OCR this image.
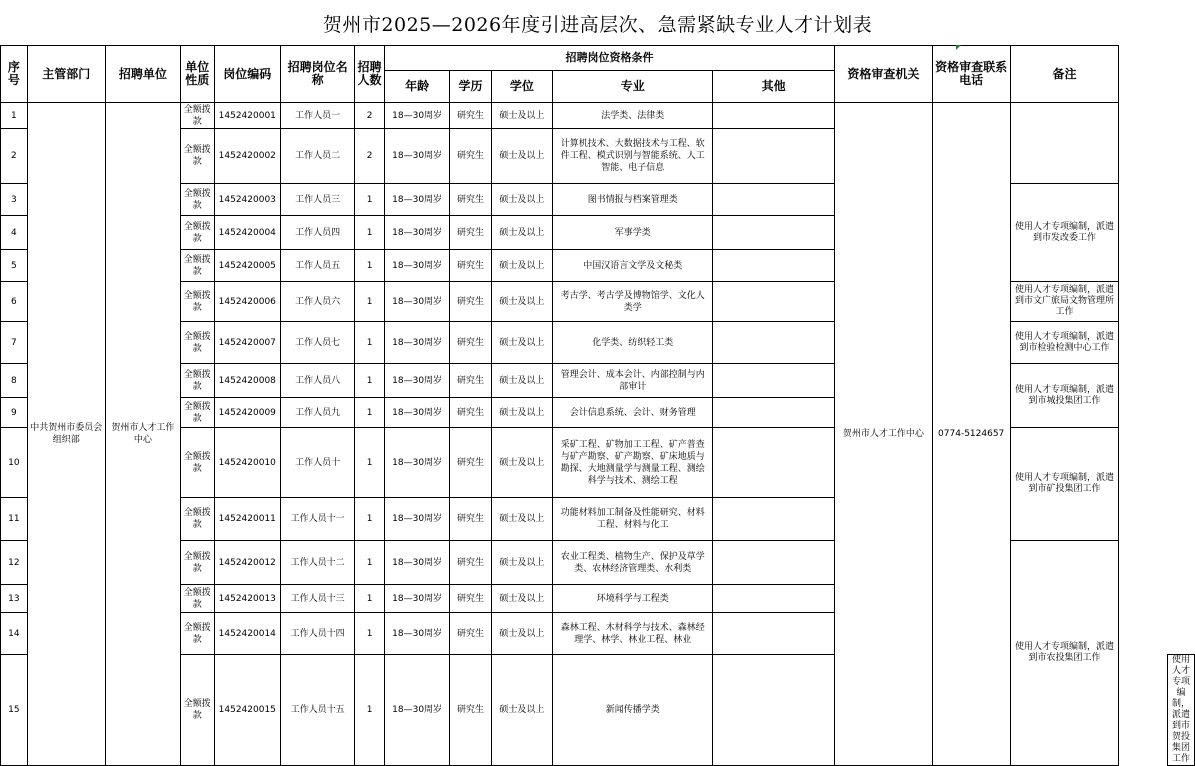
贺州市2025—2026年度引进高层次、急需紧缺专业人才计划表
序号	主管部门	招聘单位	单位性质	岗位编码	招聘岗位名称	招聘人数	招聘岗位资格条件					资格审查机关	资格审查联系电话	备注		
							年龄	学历	学位	专业	其他					
1	中共贺州市委员会组织部	贺州市人才工作中心	全额拨款	1452420001	工作人员一	2	18—30周岁	研究生	硕士及以上	法学类、法律类		贺州市人才工作中心	0774-5124657			
2			全额拨款	1452420002	工作人员二	2	18—30周岁	研究生	硕士及以上	计算机技术、大数据技术与工程、软件工程、模式识别与智能系统、人工智能、电子信息						
3			全额拨款	1452420003	工作人员三	1	18—30周岁	研究生	硕士及以上	图书情报与档案管理类				使用人才专项编制，派遣到市发改委工作		
4			全额拨款	1452420004	工作人员四	1	18—30周岁	研究生	硕士及以上	军事学类						
5			全额拨款	1452420005	工作人员五	1	18—30周岁	研究生	硕士及以上	中国汉语言文学及文秘类						
6			全额拨款	1452420006	工作人员六	1	18—30周岁	研究生	硕士及以上	考古学、考古学及博物馆学、文化人类学				使用人才专项编制，派遣到市文广旅局文物管理所工作		
7			全额拨款	1452420007	工作人员七	1	18—30周岁	研究生	硕士及以上	化学类、纺织轻工类				使用人才专项编制，派遣到市检验检测中心工作		
8			全额拨款	1452420008	工作人员八	1	18—30周岁	研究生	硕士及以上	管理会计、成本会计、内部控制与内部审计				使用人才专项编制，派遣到市城投集团工作		
9			全额拨款	1452420009	工作人员九	1	18—30周岁	研究生	硕士及以上	会计信息系统、会计、财务管理						
10			全额拨款	1452420010	工作人员十	1	18—30周岁	研究生	硕士及以上	采矿工程、矿物加工工程、矿产普查与矿产勘察、矿产勘察、矿床地质与勘探、大地测量学与测量工程、测绘科学与技术、测绘工程				使用人才专项编制，派遣到市矿投集团工作		
11			全额拨款	1452420011	工作人员十一	1	18—30周岁	研究生	硕士及以上	功能材料加工制备及性能研究、材料工程、材料与化工						
12			全额拨款	1452420012	工作人员十二	1	18—30周岁	研究生	硕士及以上	农业工程类、植物生产、保护及草学类、农林经济管理类、水利类				使用人才专项编制，派遣到市农投集团工作		
13			全额拨款	1452420013	工作人员十三	1	18—30周岁	研究生	硕士及以上	环境科学与工程类						
14			全额拨款	1452420014	工作人员十四	1	18—30周岁	研究生	硕士及以上	森林工程、木材科学与技术、森林经理学、林学、林业工程、林业						
15			全额拨款	1452420015	工作人员十五	1	18—30周岁	研究生	硕士及以上	新闻传播学类						使用人才专项编制，派遣到市贺投集团工作
